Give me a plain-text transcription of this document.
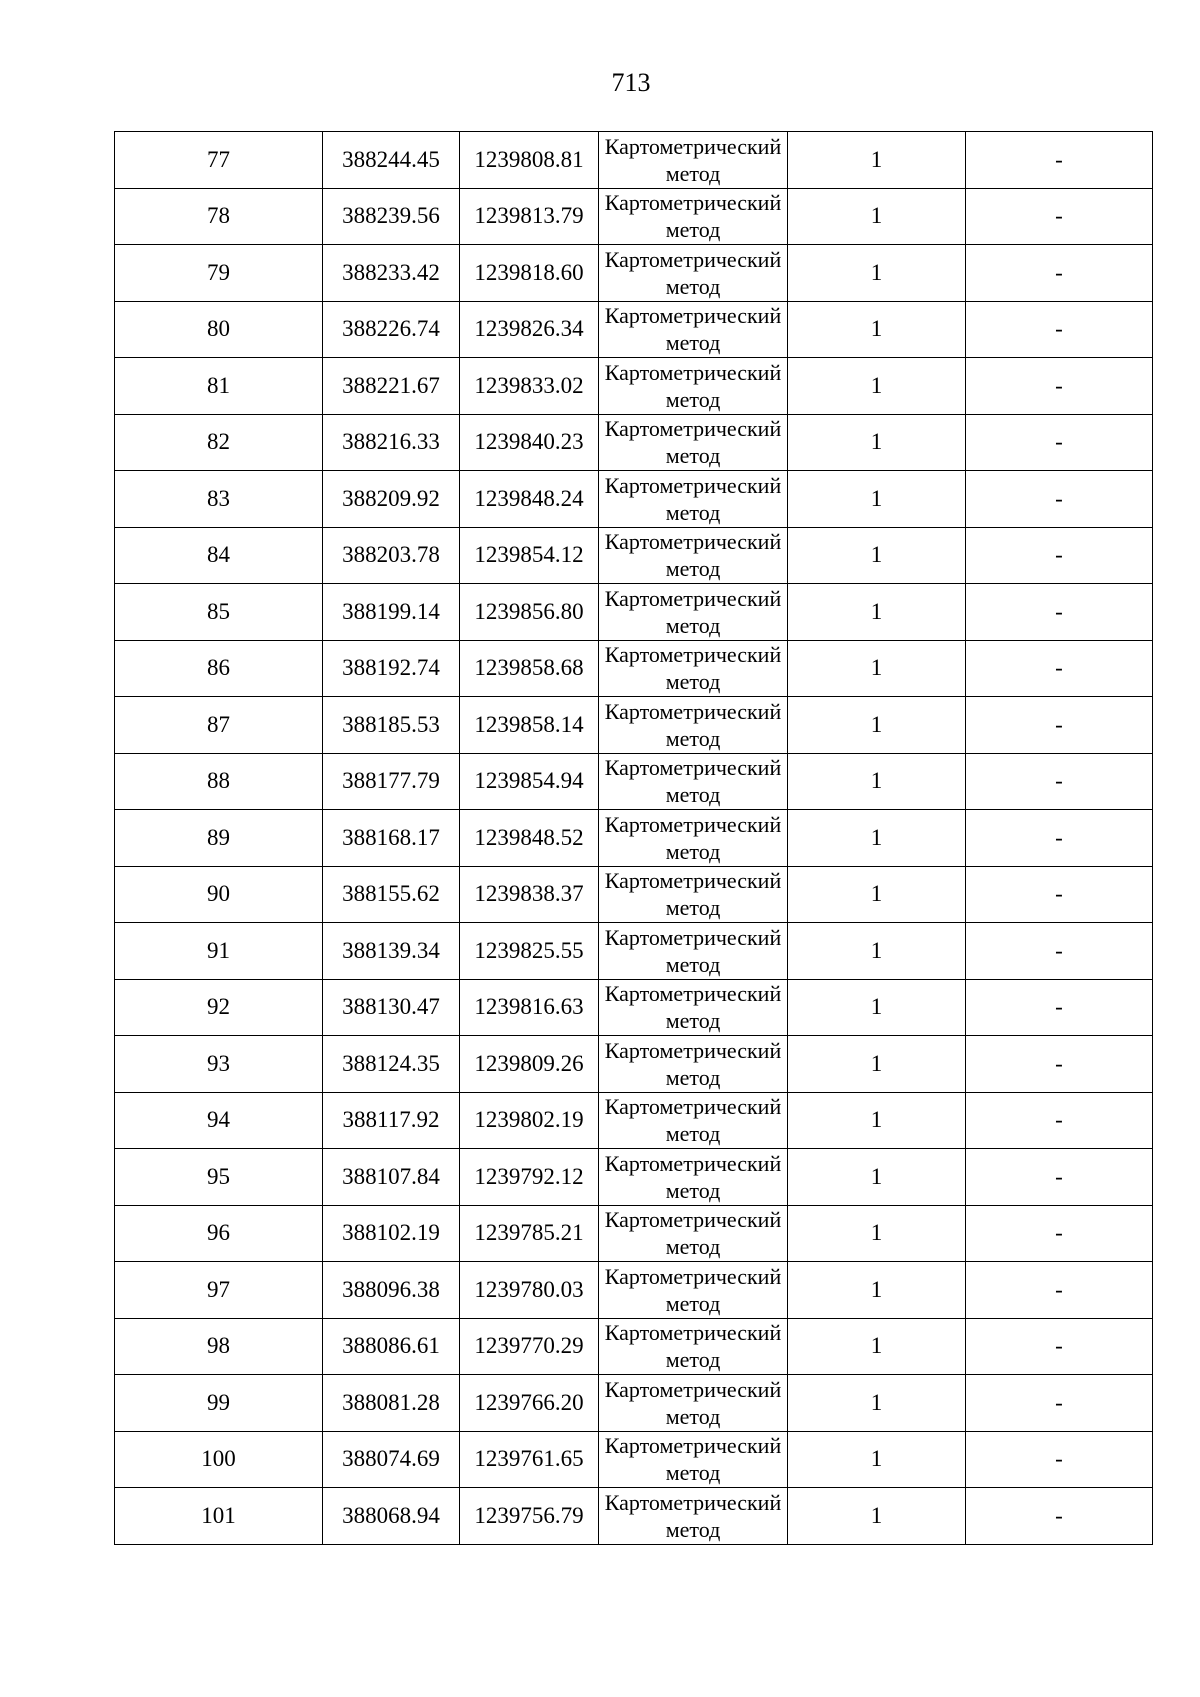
713
77	388244.45	1239808.81	Картометрический метод	1	-
78	388239.56	1239813.79	Картометрический метод	1	-
79	388233.42	1239818.60	Картометрический метод	1	-
80	388226.74	1239826.34	Картометрический метод	1	-
81	388221.67	1239833.02	Картометрический метод	1	-
82	388216.33	1239840.23	Картометрический метод	1	-
83	388209.92	1239848.24	Картометрический метод	1	-
84	388203.78	1239854.12	Картометрический метод	1	-
85	388199.14	1239856.80	Картометрический метод	1	-
86	388192.74	1239858.68	Картометрический метод	1	-
87	388185.53	1239858.14	Картометрический метод	1	-
88	388177.79	1239854.94	Картометрический метод	1	-
89	388168.17	1239848.52	Картометрический метод	1	-
90	388155.62	1239838.37	Картометрический метод	1	-
91	388139.34	1239825.55	Картометрический метод	1	-
92	388130.47	1239816.63	Картометрический метод	1	-
93	388124.35	1239809.26	Картометрический метод	1	-
94	388117.92	1239802.19	Картометрический метод	1	-
95	388107.84	1239792.12	Картометрический метод	1	-
96	388102.19	1239785.21	Картометрический метод	1	-
97	388096.38	1239780.03	Картометрический метод	1	-
98	388086.61	1239770.29	Картометрический метод	1	-
99	388081.28	1239766.20	Картометрический метод	1	-
100	388074.69	1239761.65	Картометрический метод	1	-
101	388068.94	1239756.79	Картометрический метод	1	-
